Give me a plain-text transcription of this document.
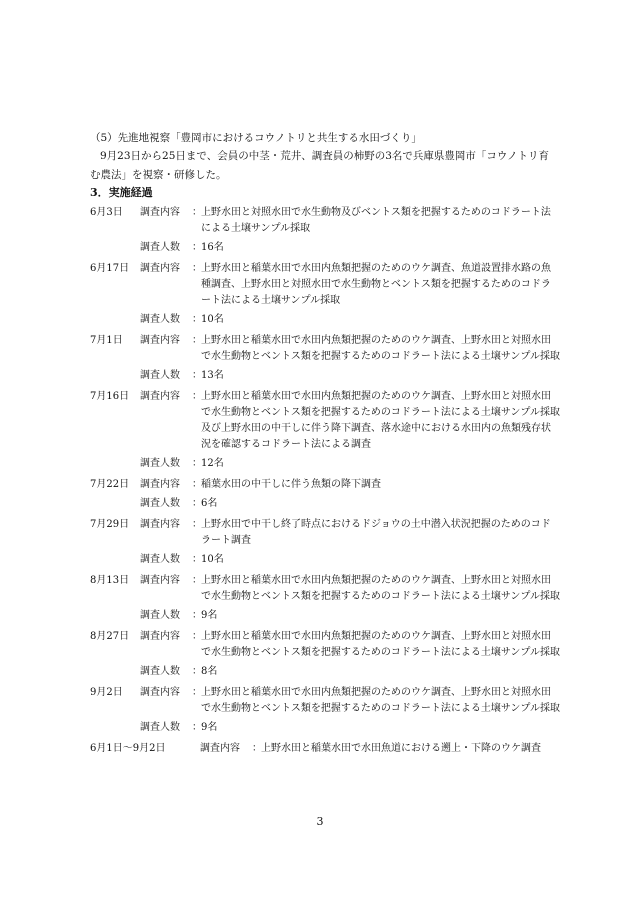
（5）先進地視察「豊岡市におけるコウノトリと共生する水田づくり」
9月23日から25日まで、会員の中茎・荒井、調査員の柿野の3名で兵庫県豊岡市「コウノトリ育む農法」を視察・研修した。
3．実施経過
6月3日	調査内容	： 上野水田と対照水田で水生動物及びベントス類を把握するためのコドラート法による土壌サンプル採取
調査人数	： 16名
6月17日	調査内容	： 上野水田と稲葉水田で水田内魚類把握のためのウケ調査、魚道設置排水路の魚種調査、上野水田と対照水田で水生動物とベントス類を把握するためのコドラート法による土壌サンプル採取
調査人数	： 10名
7月1日	調査内容	： 上野水田と稲葉水田で水田内魚類把握のためのウケ調査、上野水田と対照水田で水生動物とベントス類を把握するためのコドラート法による土壌サンプル採取
調査人数	： 13名
7月16日	調査内容	： 上野水田と稲葉水田で水田内魚類把握のためのウケ調査、上野水田と対照水田で水生動物とベントス類を把握するためのコドラート法による土壌サンプル採取及び上野水田の中干しに伴う降下調査、落水途中における水田内の魚類残存状況を確認するコドラート法による調査
調査人数	： 12名
7月22日	調査内容	： 稲葉水田の中干しに伴う魚類の降下調査
調査人数	： 6名
7月29日	調査内容	： 上野水田で中干し終了時点におけるドジョウの土中潜入状況把握のためのコドラート調査
調査人数	： 10名
8月13日	調査内容	： 上野水田と稲葉水田で水田内魚類把握のためのウケ調査、上野水田と対照水田で水生動物とベントス類を把握するためのコドラート法による土壌サンプル採取
調査人数	： 9名
8月27日	調査内容	： 上野水田と稲葉水田で水田内魚類把握のためのウケ調査、上野水田と対照水田で水生動物とベントス類を把握するためのコドラート法による土壌サンプル採取
調査人数	： 8名
9月2日	調査内容	： 上野水田と稲葉水田で水田内魚類把握のためのウケ調査、上野水田と対照水田で水生動物とベントス類を把握するためのコドラート法による土壌サンプル採取
調査人数	： 9名
6月1日～9月2日	調査内容	： 上野水田と稲葉水田で水田魚道における遡上・下降のウケ調査
3
